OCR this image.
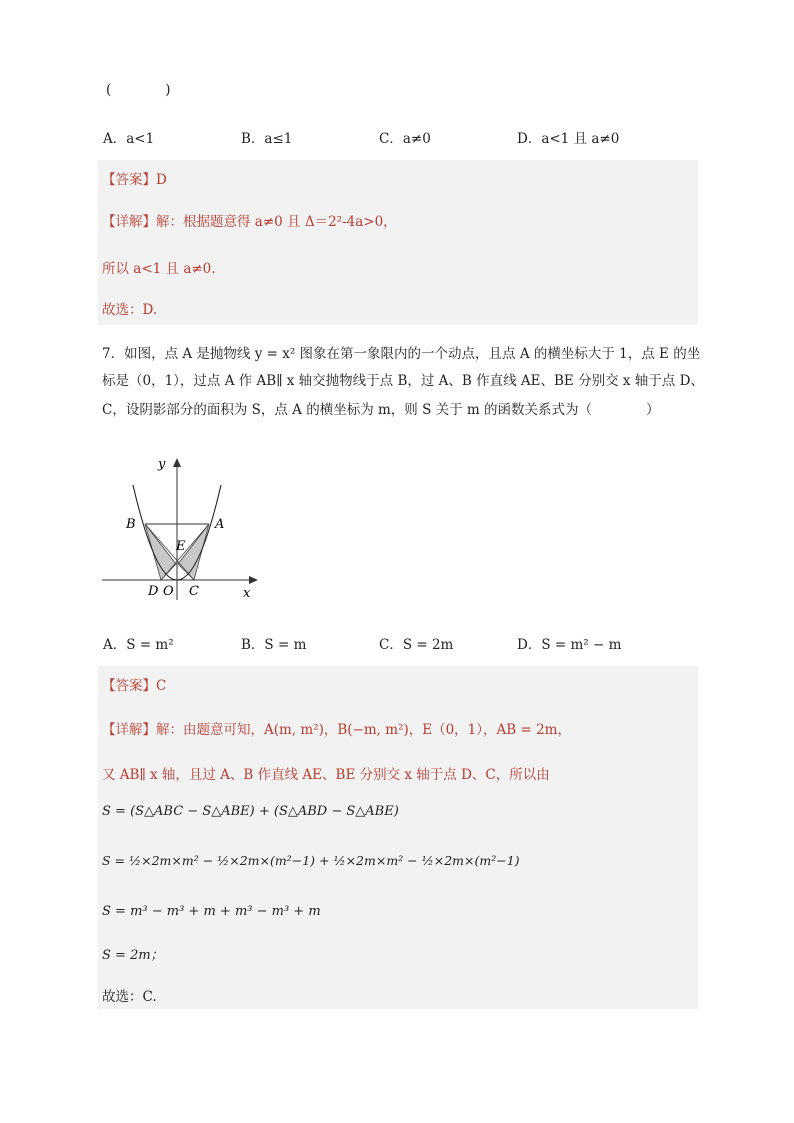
(　　　　)
A．a<1	B．a≤1	C．a≠0	D．a<1 且 a≠0
【答案】D
【详解】解：根据题意得 a≠0 且 Δ＝2²-4a>0，
所以 a<1 且 a≠0.
故选：D.
7．如图，点 A 是抛物线 y = x² 图象在第一象限内的一个动点，且点 A 的横坐标大于 1，点 E 的坐
标是（0，1），过点 A 作 AB∥ x 轴交抛物线于点 B，过 A、B 作直线 AE、BE 分别交 x 轴于点 D、
C，设阴影部分的面积为 S，点 A 的横坐标为 m，则 S 关于 m 的函数关系式为（　　　　）
y
x
A
B
E
D O C
A．S = m²	B．S = m	C．S = 2m	D．S = m² − m
【答案】C
【详解】解：由题意可知，A(m, m²)，B(−m, m²)，E（0，1），AB = 2m，
又 AB∥ x 轴，且过 A、B 作直线 AE、BE 分别交 x 轴于点 D、C，所以由
S = (S△ABC − S△ABE) + (S△ABD − S△ABE)
S = ½×2m×m² − ½×2m×(m²−1) + ½×2m×m² − ½×2m×(m²−1)
S = m³ − m³ + m + m³ − m³ + m
S = 2m；
故选：C.
